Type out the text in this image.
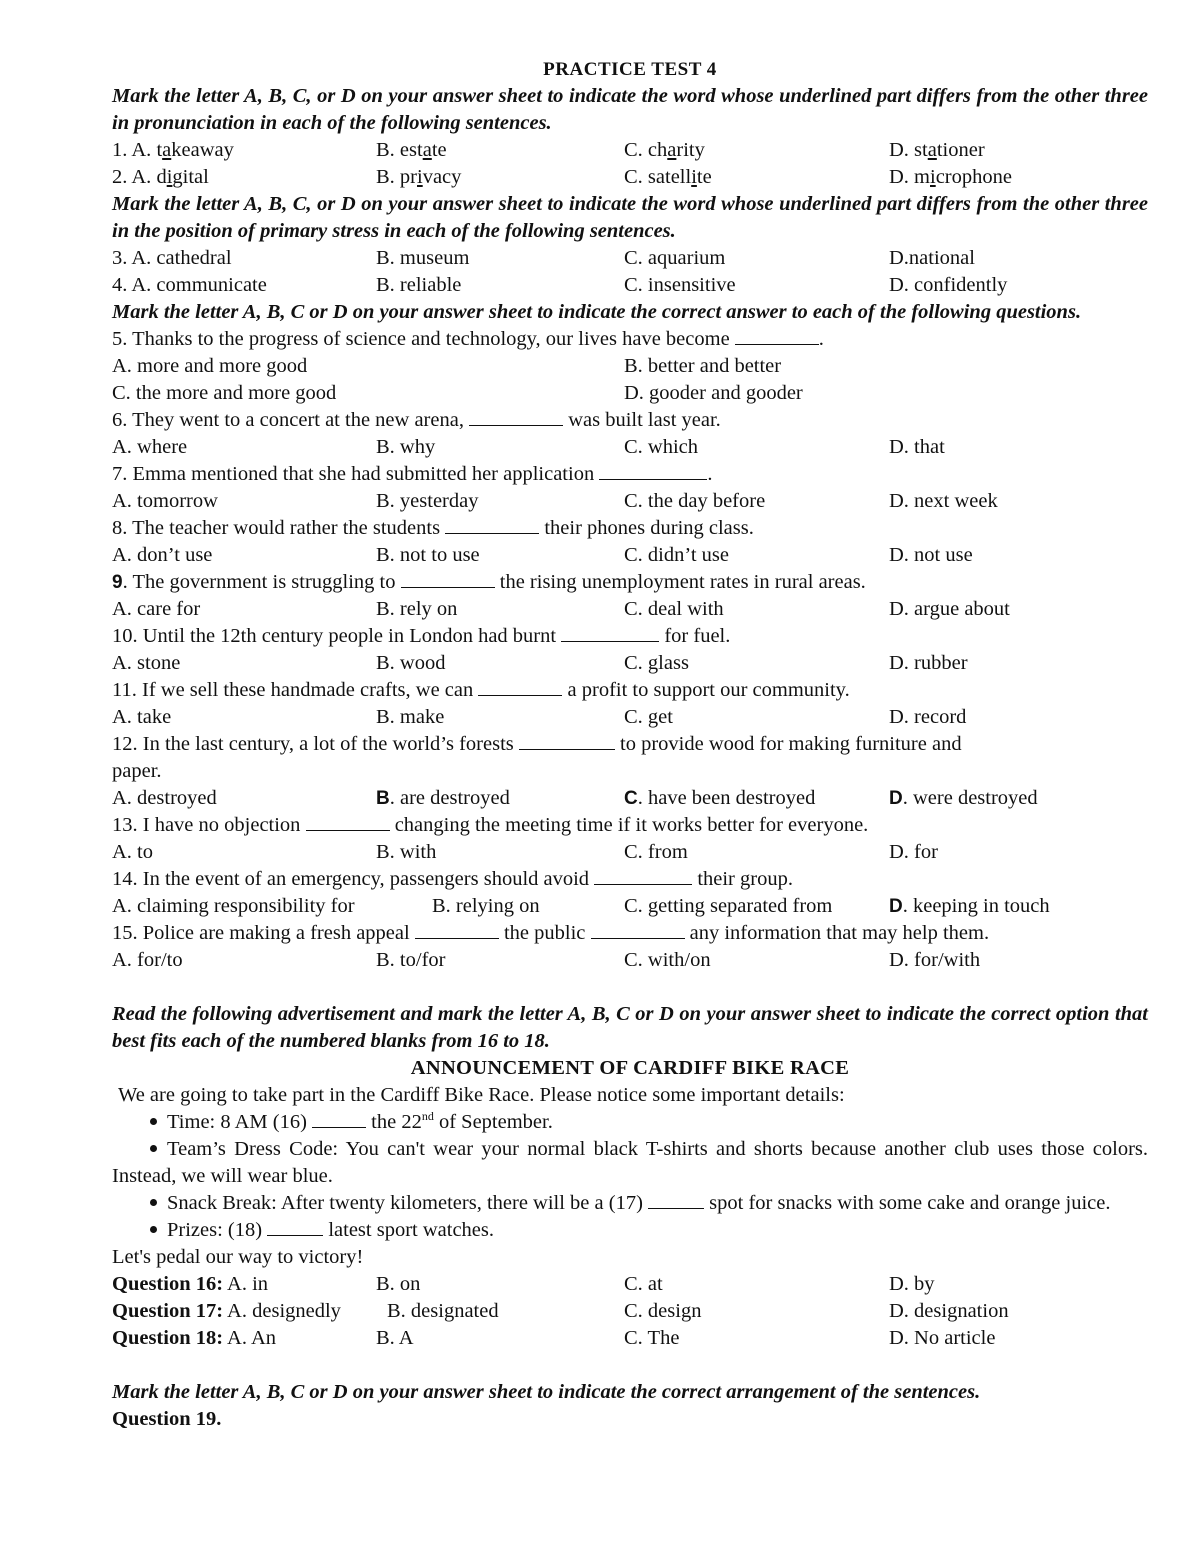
PRACTICE TEST 4
Mark the letter A, B, C, or D on your answer sheet to indicate the word whose underlined part differs from the other three in pronunciation in each of the following sentences.
1. A. takeaway	B. estate	C. charity	D. stationer
2. A. digital	B. privacy	C. satellite	D. microphone
Mark the letter A, B, C, or D on your answer sheet to indicate the word whose underlined part differs from the other three in the position of primary stress in each of the following sentences.
3. A. cathedral	B. museum	C. aquarium	D.national
4. A. communicate	B. reliable	C. insensitive	D. confidently
Mark the letter A, B, C or D on your answer sheet to indicate the correct answer to each of the following questions.
5. Thanks to the progress of science and technology, our lives have become	.
A. more and more good	B. better and better
C. the more and more good	D. gooder and gooder
6. They went to a concert at the new arena,	was built last year.
A. where	B. why	C. which	D. that
7. Emma mentioned that she had submitted her application	.
A. tomorrow	B. yesterday	C. the day before	D. next week
8. The teacher would rather the students	their phones during class.
A. don’t use	B. not to use	C. didn’t use	D. not use
9. The government is struggling to	the rising unemployment rates in rural areas.
A. care for	B. rely on	C. deal with	D. argue about
10. Until the 12th century people in London had burnt	for fuel.
A. stone	B. wood	C. glass	D. rubber
11. If we sell these handmade crafts, we can	a profit to support our community.
A. take	B. make	C. get	D. record
12. In the last century, a lot of the world’s forests	to provide wood for making furniture and
paper.
A. destroyed	B. are destroyed	C. have been destroyed	D. were destroyed
13. I have no objection	changing the meeting time if it works better for everyone.
A. to	B. with	C. from	D. for
14. In the event of an emergency, passengers should avoid	their group.
A. claiming responsibility for	B. relying on	C. getting separated from	D. keeping in touch
15. Police are making a fresh appeal	the public	any information that may help them.
A. for/to	B. to/for	C. with/on	D. for/with
Read the following advertisement and mark the letter A, B, C or D on your answer sheet to indicate the correct option that best fits each of the numbered blanks from 16 to 18.
ANNOUNCEMENT OF CARDIFF BIKE RACE
We are going to take part in the Cardiff Bike Race. Please notice some important details:
Time: 8 AM (16)	the 22nd of September.
Team’s Dress Code: You can't wear your normal black T-shirts and shorts because another club uses those colors. Instead, we will wear blue.
Snack Break: After twenty kilometers, there will be a (17)	spot for snacks with some cake and orange juice.
Prizes: (18)	latest sport watches.
Let's pedal our way to victory!
Question 16: A. in	B. on	C. at	D. by
Question 17: A. designedly B. designated	C. design	D. designation
Question 18: A. An	B. A	C. The	D. No article
Mark the letter A, B, C or D on your answer sheet to indicate the correct arrangement of the sentences.
Question 19.
